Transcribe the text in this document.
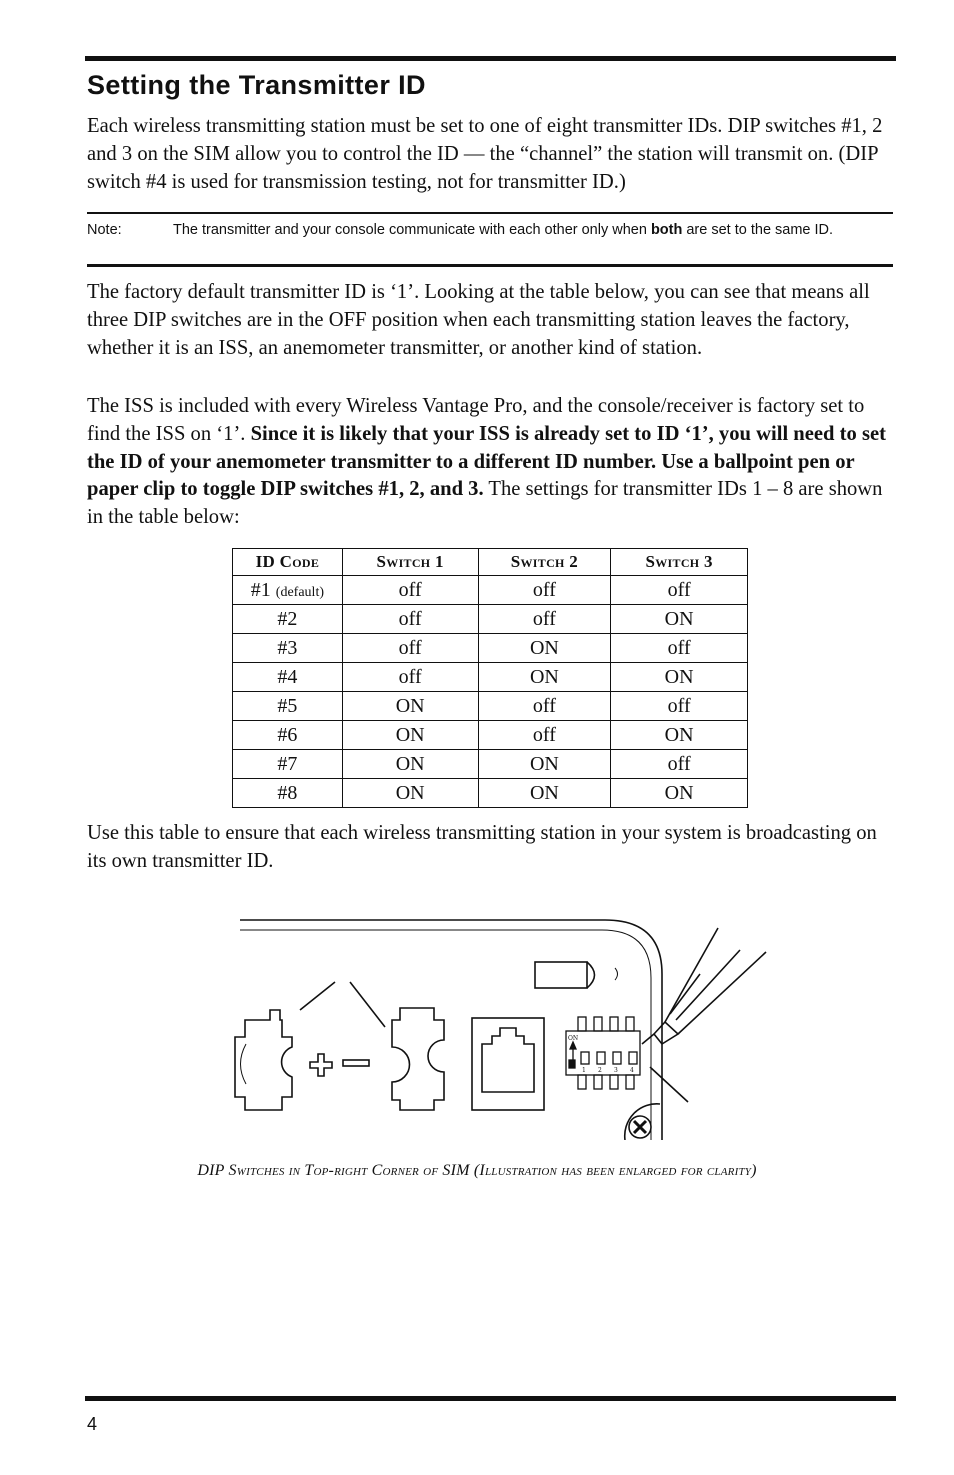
Setting the Transmitter ID

Each wireless transmitting station must be set to one of eight transmitter IDs. DIP switches #1, 2 and 3 on the SIM allow you to control the ID — the “channel” the station will transmit on. (DIP switch #4 is used for transmission testing, not for transmitter ID.)

Note:	The transmitter and your console communicate with each other only when both are set to the same ID.

The factory default transmitter ID is ‘1’. Looking at the table below, you can see that means all three DIP switches are in the OFF position when each transmitting station leaves the factory, whether it is an ISS, an anemometer transmitter, or another kind of station.

The ISS is included with every Wireless Vantage Pro, and the console/receiver is factory set to find the ISS on ‘1’. Since it is likely that your ISS is already set to ID ‘1’, you will need to set the ID of your anemometer transmitter to a different ID number. Use a ballpoint pen or paper clip to toggle DIP switches #1, 2, and 3. The settings for transmitter IDs 1 – 8 are shown in the table below:

ID Code	Switch 1	Switch 2	Switch 3
#1 (default)	off	off	off
#2	off	off	ON
#3	off	ON	off
#4	off	ON	ON
#5	ON	off	off
#6	ON	off	ON
#7	ON	ON	off
#8	ON	ON	ON

Use this table to ensure that each wireless transmitting station in your system is broadcasting on its own transmitter ID.

ON
1 2 3 4
DIP Switches in Top-right Corner of SIM (Illustration has been enlarged for clarity)
4
